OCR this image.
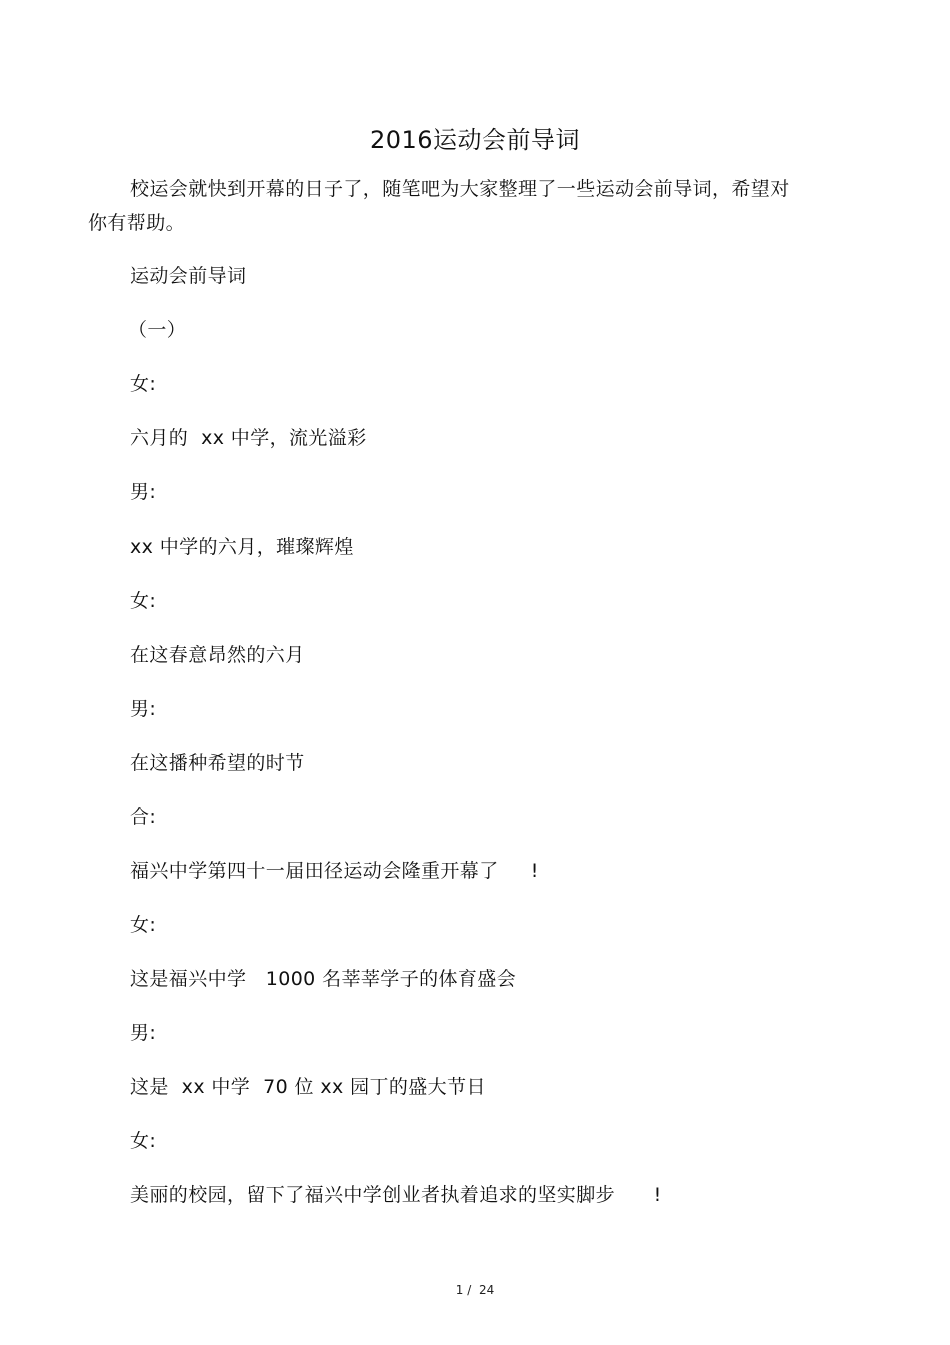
2016运动会前导词
校运会就快到开幕的日子了，随笔吧为大家整理了一些运动会前导词，希望对你有帮助。
运动会前导词
（一）
女:
六月的  xx 中学，流光溢彩
男:
xx 中学的六月，璀璨辉煌
女:
在这春意昂然的六月
男:
在这播种希望的时节
合:
福兴中学第四十一届田径运动会隆重开幕了     !
女:
这是福兴中学   1000 名莘莘学子的体育盛会
男:
这是  xx 中学  70 位 xx 园丁的盛大节日
女:
美丽的校园，留下了福兴中学创业者执着追求的坚实脚步      !
1 / 24
